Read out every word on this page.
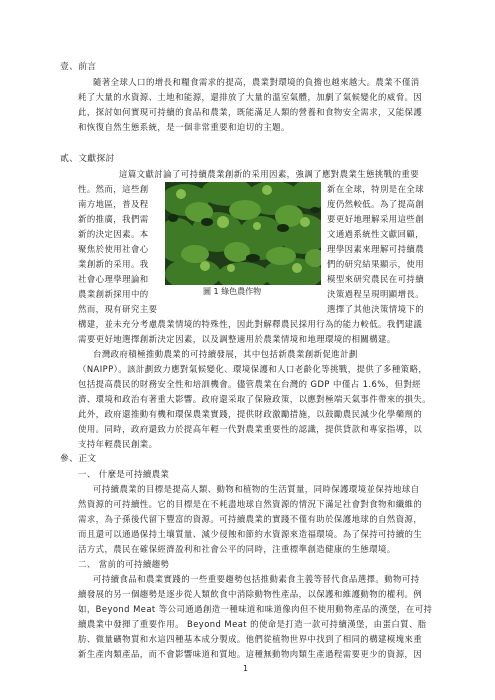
壹、前言
隨著全球人口的增長和糧食需求的提高，農業對環境的負擔也越來越大。農業不僅消
耗了大量的水資源、土地和能源，還排放了大量的溫室氣體，加劇了氣候變化的威脅。因
此，探討如何實現可持續的食品和農業，既能滿足人類的營養和食物安全需求，又能保護
和恢復自然生態系統，是一個非常重要和迫切的主題。
貳、文獻探討
這篇文獻討論了可持續農業創新的采用因素，強調了應對農業生態挑戰的重要
性。然而，這些創
南方地區，普及程
新的推廣，我們需
新的決定因素。本
聚焦於使用社會心
業創新的采用。我
社會心理學理論和
農業創新採用中的
然而，現有研究主要
新在全球，特別是在全球
度仍然較低。為了提高創
要更好地理解采用這些創
文通過系統性文獻回顧，
理學因素來理解可持續農
們的研究結果顯示，使用
模型來研究農民在可持續
決策過程呈現明顯增長。
選擇了其他決策情境下的
圖 1 綠色農作物
構建，並未充分考慮農業情境的特殊性，因此對解釋農民採用行為的能力較低。我們建議
需要更好地選擇創新決定因素，以及調整適用於農業情境和地理環境的相關構建。
台灣政府積極推動農業的可持續發展，其中包括新農業創新促進計劃
（NAIPP）。該計劃致力應對氣候變化、環境保護和人口老齡化等挑戰，提供了多種策略，
包括提高農民的財務安全性和培訓機會。儘管農業在台灣的 GDP 中僅占 1.6%，但對經
濟、環境和政治有著重大影響。政府還采取了保險政策，以應對極端天氣事件帶來的損失。
此外，政府還推動有機和環保農業實踐，提供財政激勵措施，以鼓勵農民減少化學藥劑的
使用。同時，政府還致力於提高年輕一代對農業重要性的認識，提供貸款和專家指導，以
支持年輕農民創業。
參、正文
一、 什麼是可持續農業
可持續農業的目標是提高人類、動物和植物的生活質量，同時保護環境並保持地球自
然資源的可持續性。它的目標是在不耗盡地球自然資源的情況下滿足社會對食物和纖維的
需求，為子孫後代留下豐富的資源。可持續農業的實踐不僅有助於保護地球的自然資源，
而且還可以通過保持土壤質量、減少侵蝕和節約水資源來造福環境。為了保持可持續的生
活方式，農民在確保經濟盈利和社會公平的同時，注重標準創造健康的生態環境。
二、 當前的可持續趨勢
可持續食品和農業實踐的一些重要趨勢包括推動素食主義等替代食品選擇。動物可持
續發展的另一個趨勢是逐步從人類飲食中消除動物性產品，以保護和維護動物的權利。例
如，Beyond Meat 等公司通過創造一種味道和味道像肉但不使用動物產品的漢堡，在可持
續農業中發揮了重要作用。 Beyond Meat 的使命是打造一款可持續漢堡，由蛋白質、脂
肪、微量礦物質和水這四種基本成分製成。他們從植物世界中找到了相同的構建模塊來重
新生產肉類產品，而不會影響味道和質地。這種無動物肉類生產過程需要更少的資源，因
1
